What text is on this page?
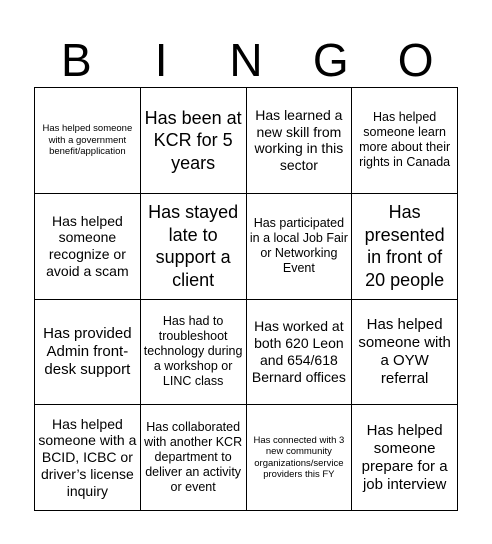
B	I	N	G	O
Has helped someone with a government benefit/application
Has been at KCR for 5 years
Has learned a new skill from working in this sector
Has helped someone learn more about their rights in Canada
Has helped someone recognize or avoid a scam
Has stayed late to support a client
Has participated in a local Job Fair or Networking Event
Has presented in front of 20 people
Has provided Admin front-desk support
Has had to troubleshoot technology during a workshop or LINC class
Has worked at both 620 Leon and 654/618 Bernard offices
Has helped someone with a OYW referral
Has helped someone with a BCID, ICBC or driver’s license inquiry
Has collaborated with another KCR department to deliver an activity or event
Has connected with 3 new community organizations/service providers this FY
Has helped someone prepare for a job interview
